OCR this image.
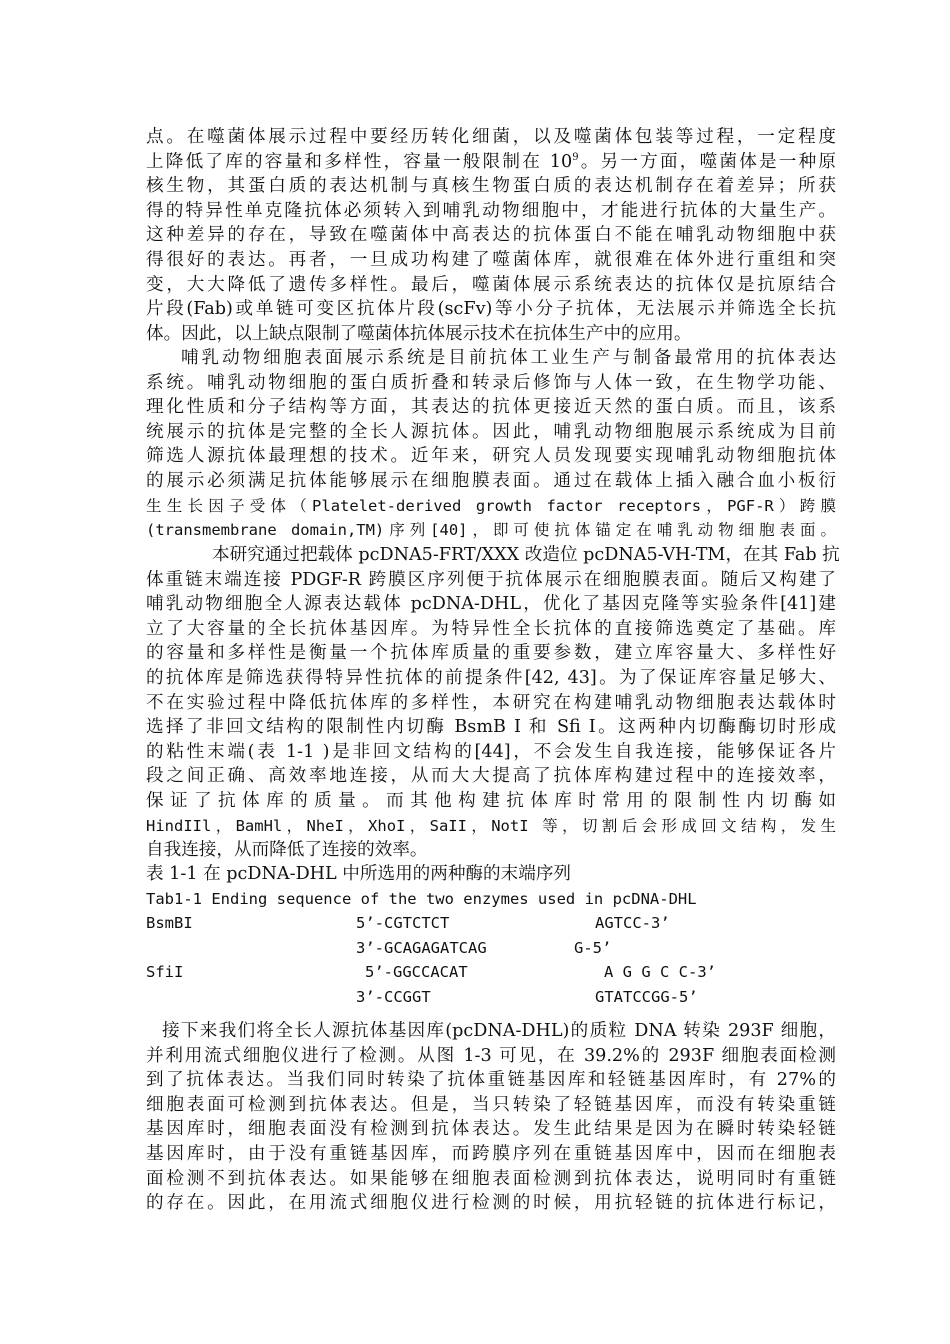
点。在噬菌体展示过程中要经历转化细菌，以及噬菌体包装等过程，一定程度
上降低了库的容量和多样性，容量一般限制在 $10^9$。另一方面，噬菌体是一种原
核生物，其蛋白质的表达机制与真核生物蛋白质的表达机制存在着差异；所获
得的特异性单克隆抗体必须转入到哺乳动物细胞中，才能进行抗体的大量生产。
这种差异的存在，导致在噬菌体中高表达的抗体蛋白不能在哺乳动物细胞中获
得很好的表达。再者，一旦成功构建了噬菌体库，就很难在体外进行重组和突
变，大大降低了遗传多样性。最后，噬菌体展示系统表达的抗体仅是抗原结合
片段(Fab)或单链可变区抗体片段(scFv)等小分子抗体，无法展示并筛选全长抗
体。因此，以上缺点限制了噬菌体抗体展示技术在抗体生产中的应用。
哺乳动物细胞表面展示系统是目前抗体工业生产与制备最常用的抗体表达
系统。哺乳动物细胞的蛋白质折叠和转录后修饰与人体一致，在生物学功能、
理化性质和分子结构等方面，其表达的抗体更接近天然的蛋白质。而且，该系
统展示的抗体是完整的全长人源抗体。因此，哺乳动物细胞展示系统成为目前
筛选人源抗体最理想的技术。近年来，研究人员发现要实现哺乳动物细胞抗体
的展示必须满足抗体能够展示在细胞膜表面。通过在载体上插入融合血小板衍
生生长因子受体（Platelet-derived growth factor receptors，PGF-R）跨膜
(transmembrane domain,TM)序列[40]，即可使抗体锚定在哺乳动物细胞表面。
本研究通过把载体 pcDNA5-FRT/XXX 改造位 pcDNA5-VH-TM，在其 Fab 抗
体重链末端连接 PDGF-R 跨膜区序列便于抗体展示在细胞膜表面。随后又构建了
哺乳动物细胞全人源表达载体 pcDNA-DHL，优化了基因克隆等实验条件[41]建
立了大容量的全长抗体基因库。为特异性全长抗体的直接筛选奠定了基础。库
的容量和多样性是衡量一个抗体库质量的重要参数，建立库容量大、多样性好
的抗体库是筛选获得特异性抗体的前提条件[42, 43]。为了保证库容量足够大、
不在实验过程中降低抗体库的多样性，本研究在构建哺乳动物细胞表达载体时
选择了非回文结构的限制性内切酶 BsmB I 和 Sfi I。这两种内切酶酶切时形成
的粘性末端(表 1-1 )是非回文结构的[44]，不会发生自我连接，能够保证各片
段之间正确、高效率地连接，从而大大提高了抗体库构建过程中的连接效率，
保 证 了 抗 体 库 的 质 量 。 而 其 他 构 建 抗 体 库 时 常 用 的 限 制 性 内 切 酶 如
HindIIl，BamHl，NheI，XhoI，SaII，NotI 等，切割后会形成回文结构，发生
自我连接，从而降低了连接的效率。
表 1-1 在 pcDNA-DHL 中所选用的两种酶的末端序列
Tab1-1 Ending sequence of the two enzymes used in pcDNA-DHL
BsmBI	5’-CGTCTCT	AGTCC-3’
3’-GCAGAGATCAG	G-5’
SfiI	5’-GGCCACAT	A G G C C-3’
3’-CCGGT	GTATCCGG-5’
接下来我们将全长人源抗体基因库(pcDNA-DHL)的质粒 DNA 转染 293F 细胞，
并利用流式细胞仪进行了检测。从图 1-3 可见，在 39.2%的 293F 细胞表面检测
到了抗体表达。当我们同时转染了抗体重链基因库和轻链基因库时，有 27%的
细胞表面可检测到抗体表达。但是，当只转染了轻链基因库，而没有转染重链
基因库时，细胞表面没有检测到抗体表达。发生此结果是因为在瞬时转染轻链
基因库时，由于没有重链基因库，而跨膜序列在重链基因库中，因而在细胞表
面检测不到抗体表达。如果能够在细胞表面检测到抗体表达，说明同时有重链
的存在。因此，在用流式细胞仪进行检测的时候，用抗轻链的抗体进行标记，
